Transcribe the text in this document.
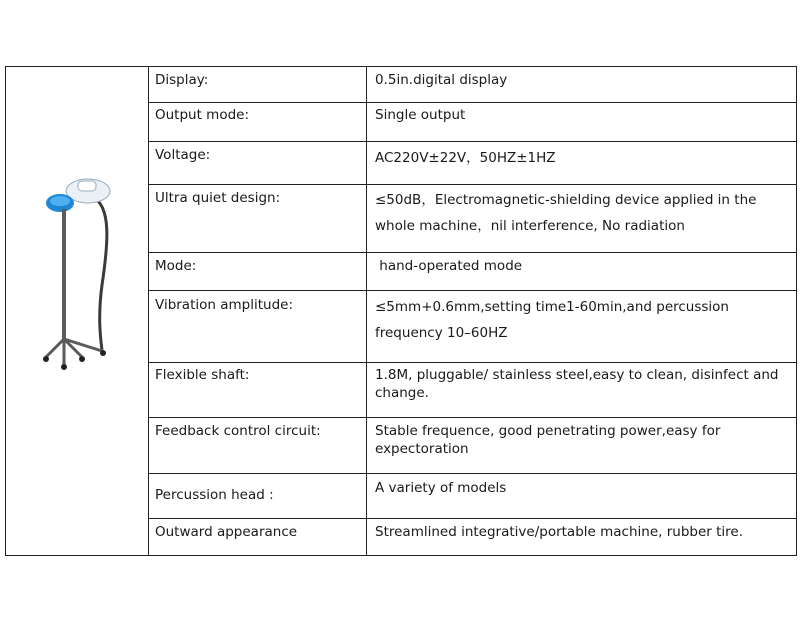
Display:	0.5in.digital display
Output mode:	Single output
Voltage:	AC220V±22V，50HZ±1HZ
Ultra quiet design:	≤50dB，Electromagnetic-shielding device applied in the whole machine，nil interference, No radiation
Mode:	hand-operated mode
Vibration amplitude:	≤5mm+0.6mm,setting time1-60min,and percussion frequency 10–60HZ
Flexible shaft:	1.8M, pluggable/ stainless steel,easy to clean, disinfect and change.
Feedback control circuit:	Stable frequence, good penetrating power,easy for expectoration
Percussion head :	A variety of models
Outward appearance	Streamlined integrative/portable machine, rubber tire.
